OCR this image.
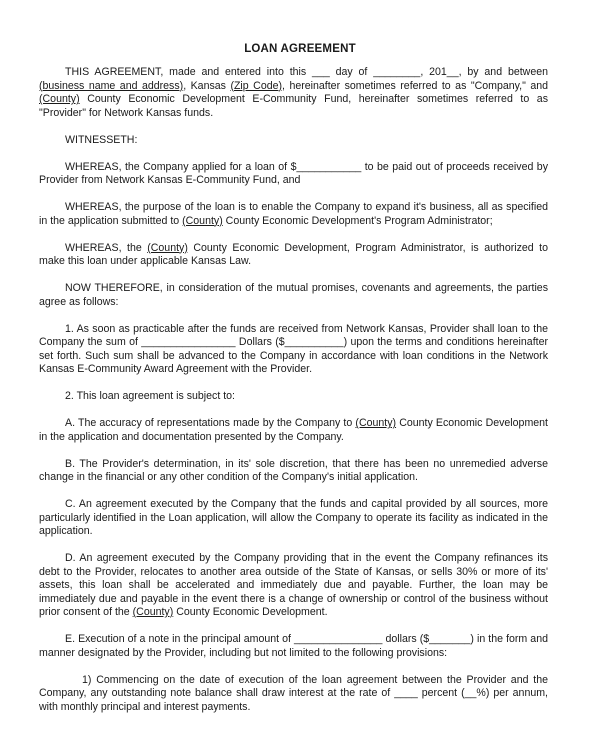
LOAN AGREEMENT

THIS AGREEMENT, made and entered into this ___ day of ________, 201__, by and between (business name and address), Kansas (Zip Code), hereinafter sometimes referred to as "Company," and (County) County Economic Development E-Community Fund, hereinafter sometimes referred to as "Provider" for Network Kansas funds.

WITNESSETH:

WHEREAS, the Company applied for a loan of $___________ to be paid out of proceeds received by Provider from Network Kansas E-Community Fund, and

WHEREAS, the purpose of the loan is to enable the Company to expand it's business, all as specified in the application submitted to (County) County Economic Development's Program Administrator;

WHEREAS, the (County) County Economic Development, Program Administrator, is authorized to make this loan under applicable Kansas Law.

NOW THEREFORE, in consideration of the mutual promises, covenants and agreements, the parties agree as follows:

1. As soon as practicable after the funds are received from Network Kansas, Provider shall loan to the Company the sum of ________________ Dollars ($__________) upon the terms and conditions hereinafter set forth. Such sum shall be advanced to the Company in accordance with loan conditions in the Network Kansas E-Community Award Agreement with the Provider.

2. This loan agreement is subject to:

A. The accuracy of representations made by the Company to (County) County Economic Development in the application and documentation presented by the Company.

B. The Provider's determination, in its' sole discretion, that there has been no unremedied adverse change in the financial or any other condition of the Company's initial application.

C. An agreement executed by the Company that the funds and capital provided by all sources, more particularly identified in the Loan application, will allow the Company to operate its facility as indicated in the application.

D. An agreement executed by the Company providing that in the event the Company refinances its debt to the Provider, relocates to another area outside of the State of Kansas, or sells 30% or more of its' assets, this loan shall be accelerated and immediately due and payable. Further, the loan may be immediately due and payable in the event there is a change of ownership or control of the business without prior consent of the (County) County Economic Development.

E. Execution of a note in the principal amount of _______________ dollars ($_______) in the form and manner designated by the Provider, including but not limited to the following provisions:

1) Commencing on the date of execution of the loan agreement between the Provider and the Company, any outstanding note balance shall draw interest at the rate of ____ percent (__%) per annum, with monthly principal and interest payments.
